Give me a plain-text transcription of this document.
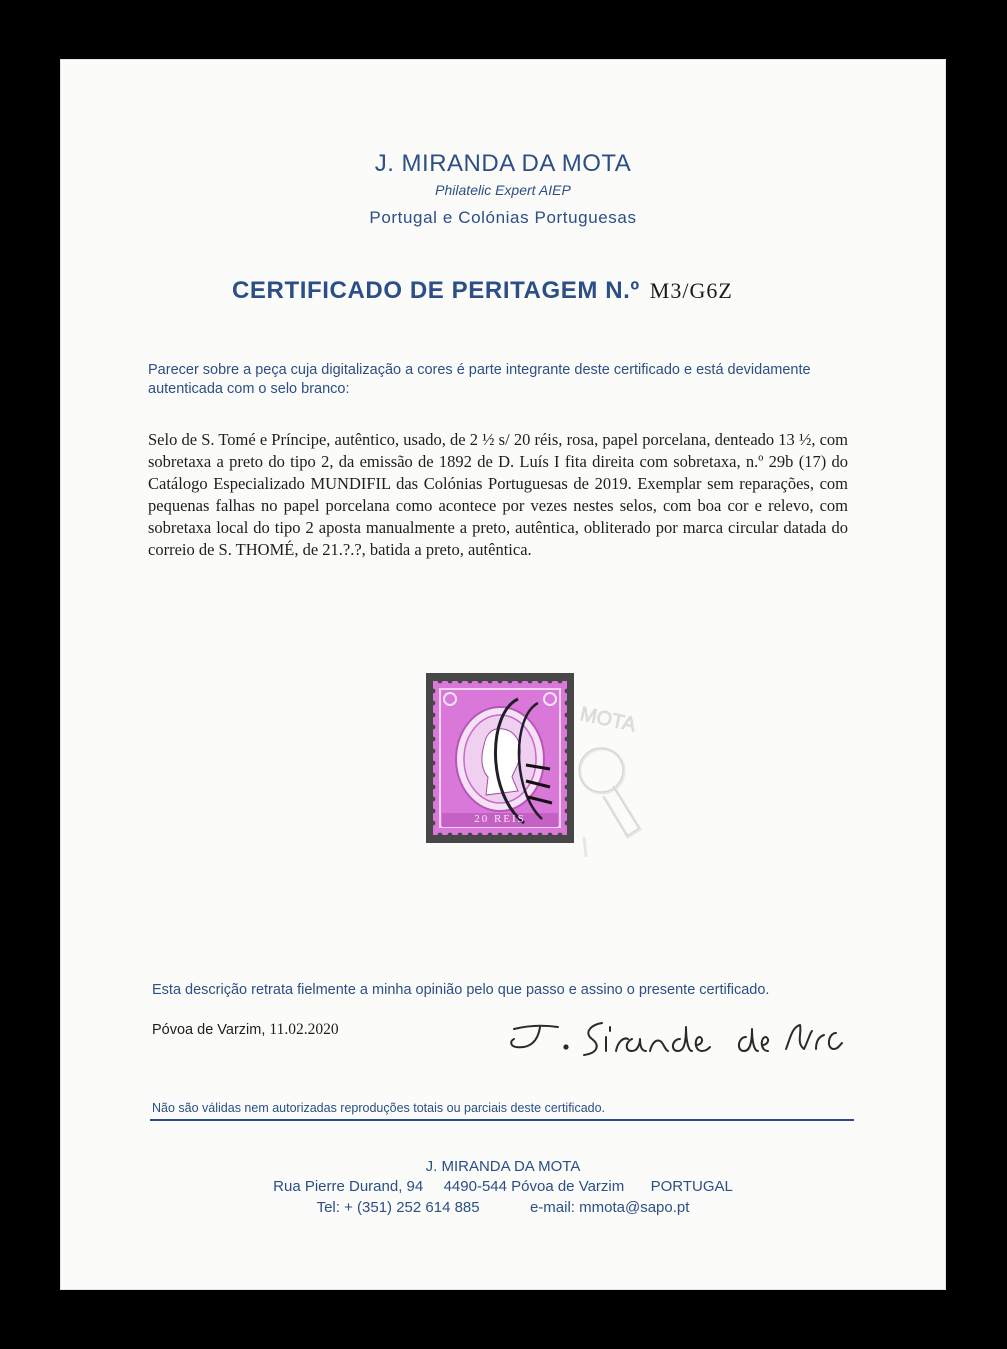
J. MIRANDA DA MOTA
Philatelic Expert AIEP
Portugal e Colónias Portuguesas
CERTIFICADO DE PERITAGEM N.º M3/G6Z
Parecer sobre a peça cuja digitalização a cores é parte integrante deste certificado e está devidamente autenticada com o selo branco:
Selo de S. Tomé e Príncipe, autêntico, usado, de 2 ½ s/ 20 réis, rosa, papel porcelana, denteado 13 ½, com sobretaxa a preto do tipo 2, da emissão de 1892 de D. Luís I fita direita com sobretaxa, n.º 29b (17) do Catálogo Especializado MUNDIFIL das Colónias Portuguesas de 2019. Exemplar sem reparações, com pequenas falhas no papel porcelana como acontece por vezes nestes selos, com boa cor e relevo, com sobretaxa local do tipo 2 aposta manualmente a preto, autêntica, obliterado por marca circular datada do correio de S. THOMÉ, de 21.?.?, batida a preto, autêntica.
20 REIS
MOTA
Esta descrição retrata fielmente a minha opinião pelo que passo e assino o presente certificado.
Póvoa de Varzim, 11.02.2020
Não são válidas nem autorizadas reproduções totais ou parciais deste certificado.
J. MIRANDA DA MOTA
Rua Pierre Durand, 94 4490-544 Póvoa de Varzim PORTUGAL
Tel: + (351) 252 614 885	e-mail: mmota@sapo.pt
